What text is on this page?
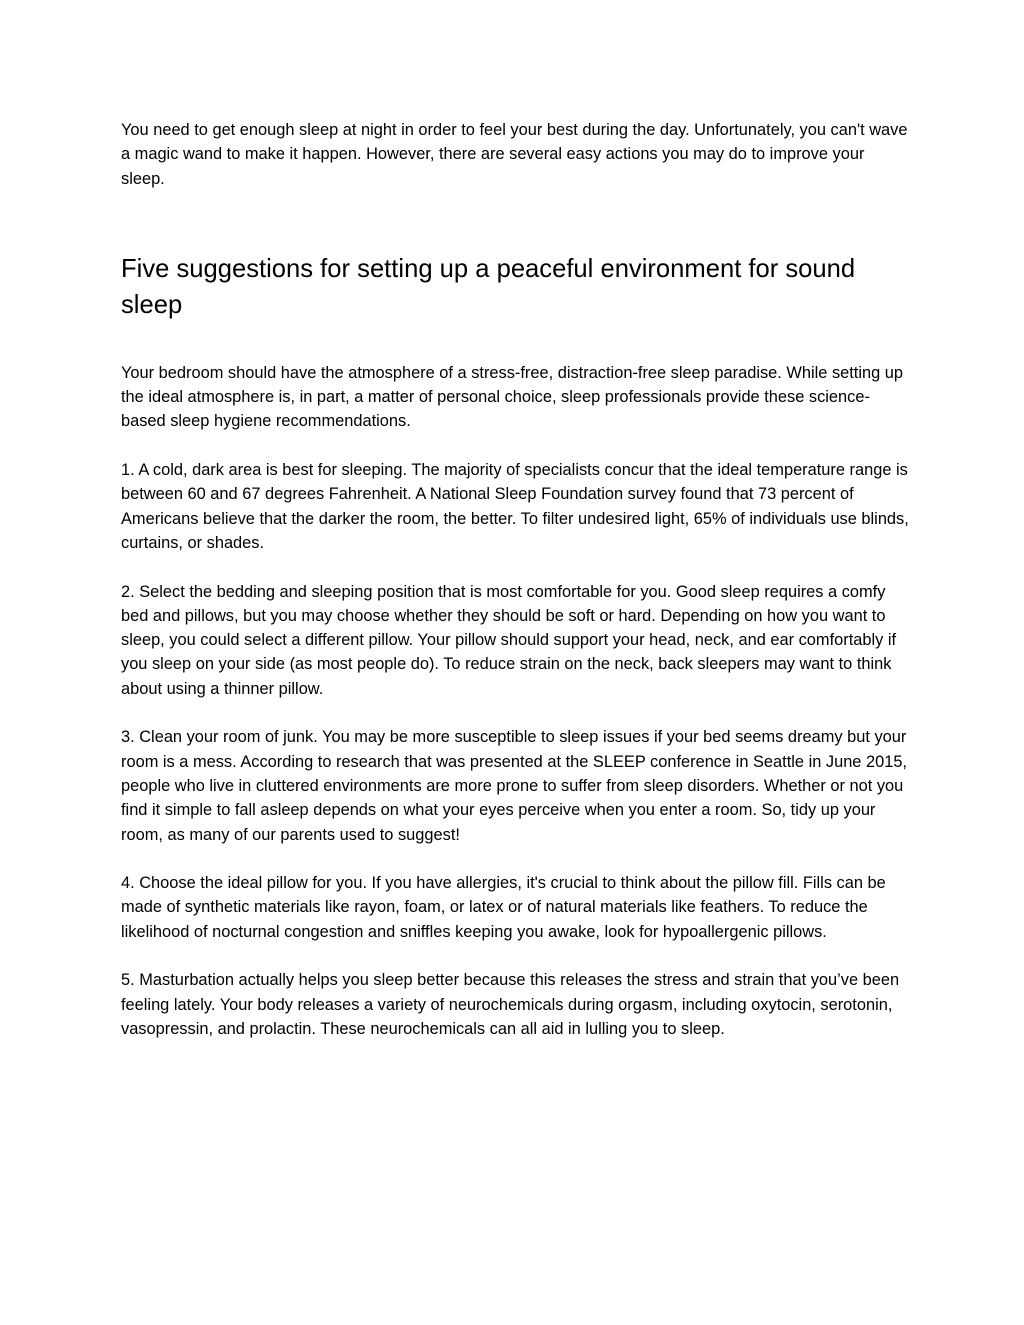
You need to get enough sleep at night in order to feel your best during the day. Unfortunately, you can't wave a magic wand to make it happen. However, there are several easy actions you may do to improve your sleep.

Five suggestions for setting up a peaceful environment for sound sleep

Your bedroom should have the atmosphere of a stress-free, distraction-free sleep paradise. While setting up the ideal atmosphere is, in part, a matter of personal choice, sleep professionals provide these science-based sleep hygiene recommendations.

1. A cold, dark area is best for sleeping. The majority of specialists concur that the ideal temperature range is between 60 and 67 degrees Fahrenheit. A National Sleep Foundation survey found that 73 percent of Americans believe that the darker the room, the better. To filter undesired light, 65% of individuals use blinds, curtains, or shades.

2. Select the bedding and sleeping position that is most comfortable for you. Good sleep requires a comfy bed and pillows, but you may choose whether they should be soft or hard. Depending on how you want to sleep, you could select a different pillow. Your pillow should support your head, neck, and ear comfortably if you sleep on your side (as most people do). To reduce strain on the neck, back sleepers may want to think about using a thinner pillow.

3. Clean your room of junk. You may be more susceptible to sleep issues if your bed seems dreamy but your room is a mess. According to research that was presented at the SLEEP conference in Seattle in June 2015, people who live in cluttered environments are more prone to suffer from sleep disorders. Whether or not you find it simple to fall asleep depends on what your eyes perceive when you enter a room. So, tidy up your room, as many of our parents used to suggest!

4. Choose the ideal pillow for you. If you have allergies, it's crucial to think about the pillow fill. Fills can be made of synthetic materials like rayon, foam, or latex or of natural materials like feathers. To reduce the likelihood of nocturnal congestion and sniffles keeping you awake, look for hypoallergenic pillows.

5. Masturbation actually helps you sleep better because this releases the stress and strain that you’ve been feeling lately. Your body releases a variety of neurochemicals during orgasm, including oxytocin, serotonin, vasopressin, and prolactin. These neurochemicals can all aid in lulling you to sleep.
